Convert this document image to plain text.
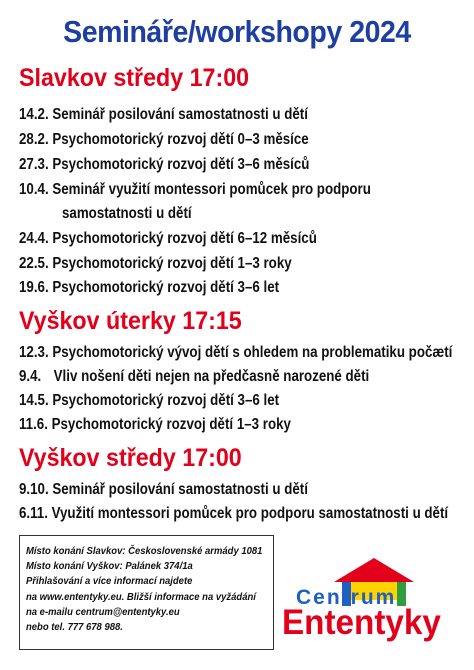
Semináře/workshopy 2024
Slavkov středy 17:00
14.2. Seminář posilování samostatnosti u dětí
28.2. Psychomotorický rozvoj dětí 0–3 měsíce
27.3. Psychomotorický rozvoj dětí 3–6 měsíců
10.4. Seminář využití montessori pomůcek pro podporu
samostatnosti u dětí
24.4. Psychomotorický rozvoj dětí 6–12 měsíců
22.5. Psychomotorický rozvoj dětí 1–3 roky
19.6. Psychomotorický rozvoj dětí 3–6 let
Vyškov úterky 17:15
12.3. Psychomotorický vývoj dětí s ohledem na problematiku počætí
9.4. Vliv nošení děti nejen na předčasně narozené děti
14.5. Psychomotorický rozvoj dětí 3–6 let
11.6. Psychomotorický rozvoj dětí 1–3 roky
Vyškov středy 17:00
9.10. Seminář posilování samostatnosti u dětí
6.11. Využití montessori pomůcek pro podporu samostatnosti u dětí
Místo konání Slavkov: Československé armády 1081
Místo konání Vyškov: Palánek 374/1a
Přihlašování a více informací najdete
na www.ententyky.eu. Bližší informace na vyžádání
na e-mailu centrum@ententyky.eu
nebo tel. 777 678 988.
Centrum
Ententyky
